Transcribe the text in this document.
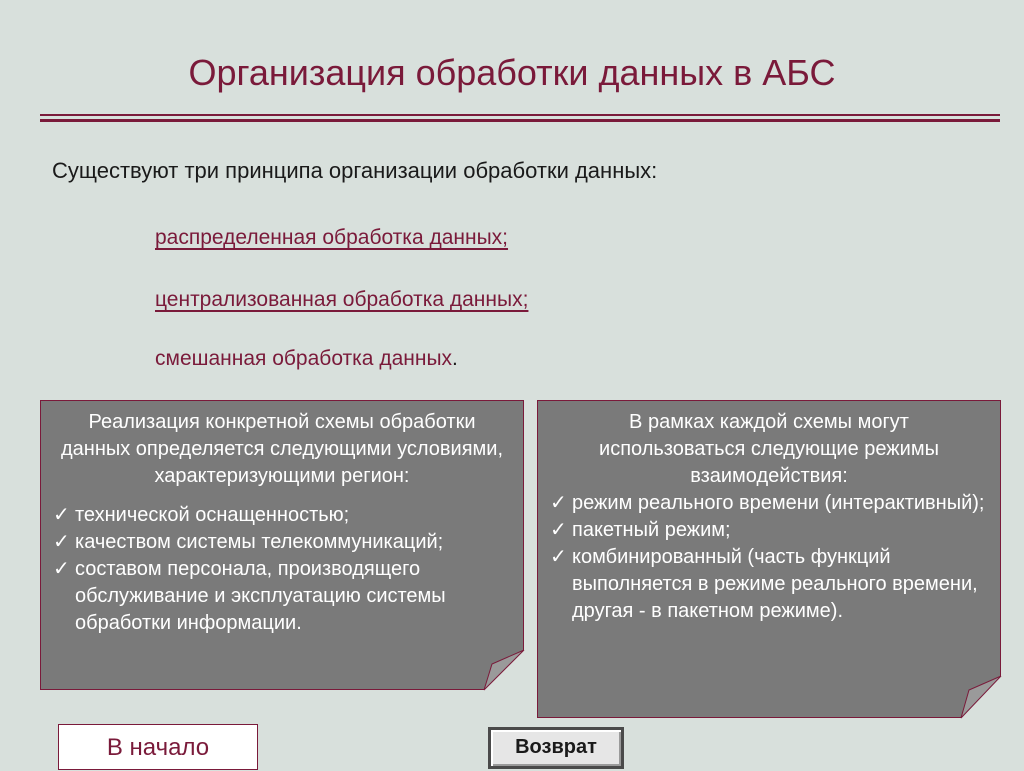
Организация обработки данных в АБС
Существуют три принципа организации обработки данных:
распределенная обработка данных;
централизованная обработка данных;
смешанная обработка данных.
Реализация конкретной схемы обработки данных определяется следующими условиями, характеризующими регион:
✓ технической оснащенностью;
✓ качеством системы телекоммуникаций;
✓ составом персонала, производящего обслуживание и эксплуатацию системы обработки информации.
В рамках каждой схемы могут использоваться следующие режимы взаимодействия:
✓ режим реального времени (интерактивный);
✓ пакетный режим;
✓ комбинированный (часть функций выполняется в режиме реального времени, другая - в пакетном режиме).
В начало	Возврат
